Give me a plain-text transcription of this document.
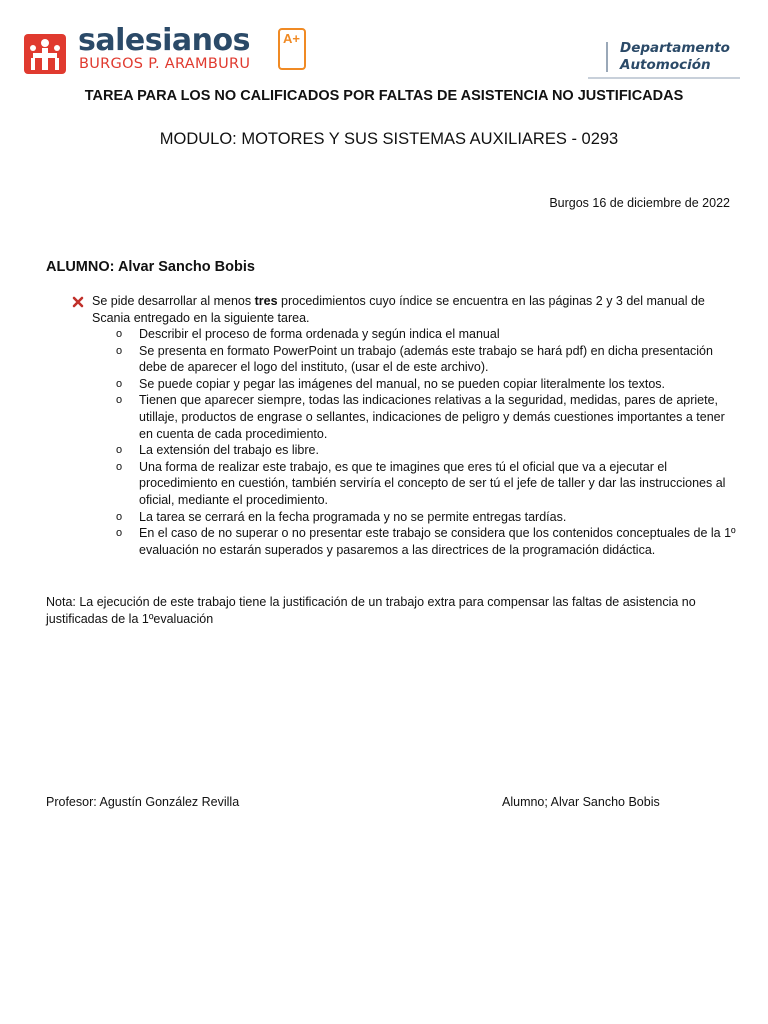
salesianos
BURGOS P. ARAMBURU
A+
Departamento
Automoción
TAREA PARA LOS NO CALIFICADOS POR FALTAS DE ASISTENCIA NO JUSTIFICADAS
MODULO: MOTORES Y SUS SISTEMAS AUXILIARES - 0293
Burgos 16 de diciembre de 2022
ALUMNO: Alvar Sancho Bobis
Se pide desarrollar al menos tres procedimientos cuyo índice se encuentra en las páginas 2 y 3 del manual de Scania entregado en la siguiente tarea.
o Describir el proceso de forma ordenada y según indica el manual
o Se presenta en formato PowerPoint un trabajo (además este trabajo se hará pdf) en dicha presentación debe de aparecer el logo del instituto, (usar el de este archivo).
o Se puede copiar y pegar las imágenes del manual, no se pueden copiar literalmente los textos.
o Tienen que aparecer siempre, todas las indicaciones relativas a la seguridad, medidas, pares de apriete, utillaje, productos de engrase o sellantes, indicaciones de peligro y demás cuestiones importantes a tener en cuenta de cada procedimiento.
o La extensión del trabajo es libre.
o Una forma de realizar este trabajo, es que te imagines que eres tú el oficial que va a ejecutar el procedimiento en cuestión, también serviría el concepto de ser tú el jefe de taller y dar las instrucciones al oficial, mediante el procedimiento.
o La tarea se cerrará en la fecha programada y no se permite entregas tardías.
o En el caso de no superar o no presentar este trabajo se considera que los contenidos conceptuales de la 1º evaluación no estarán superados y pasaremos a las directrices de la programación didáctica.
Nota: La ejecución de este trabajo tiene la justificación de un trabajo extra para compensar las faltas de asistencia no justificadas de la 1ºevaluación
Profesor: Agustín González Revilla	Alumno; Alvar Sancho Bobis
